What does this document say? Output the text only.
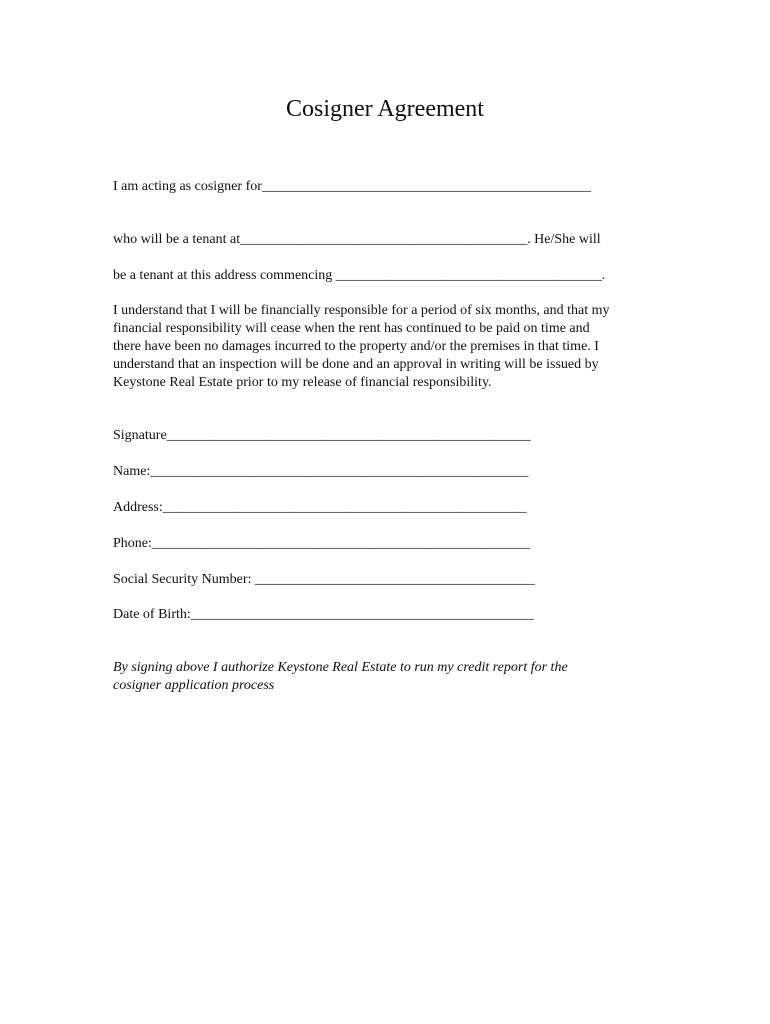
Cosigner Agreement
I am acting as cosigner for_______________________________________________
who will be a tenant at_________________________________________. He/She will
be a tenant at this address commencing ______________________________________.
I understand that I will be financially responsible for a period of six months, and that my
financial responsibility will cease when the rent has continued to be paid on time and
there have been no damages incurred to the property and/or the premises in that time. I
understand that an inspection will be done and an approval in writing will be issued by
Keystone Real Estate prior to my release of financial responsibility.
Signature____________________________________________________
Name:______________________________________________________
Address:____________________________________________________
Phone:______________________________________________________
Social Security Number: ________________________________________
Date of Birth:_________________________________________________
By signing above I authorize Keystone Real Estate to run my credit report for the
cosigner application process
